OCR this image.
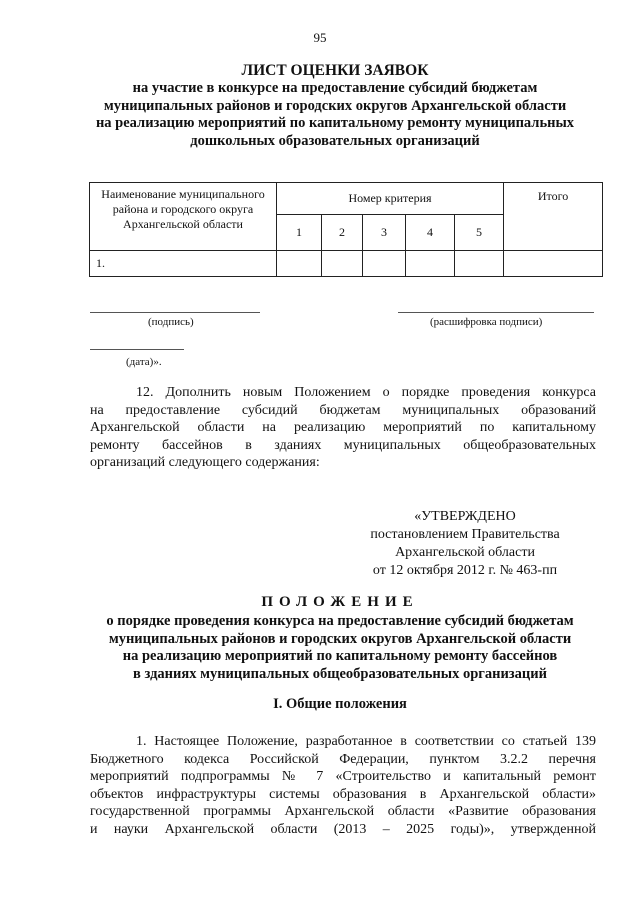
95
ЛИСТ ОЦЕНКИ ЗАЯВОК
на участие в конкурсе на предоставление субсидий бюджетам
муниципальных районов и городских округов Архангельской области
на реализацию мероприятий по капитальному ремонту муниципальных
дошкольных образовательных организаций
Наименование муниципального района и городского округа Архангельской области	Номер критерия					Итого
	1	2	3	4	5	
1.						
(подпись)	(расшифровка подписи)
(дата)».
12. Дополнить новым Положением о порядке проведения конкурса
на предоставление субсидий бюджетам муниципальных образований
Архангельской области на реализацию мероприятий по капитальному
ремонту бассейнов в зданиях муниципальных общеобразовательных
организаций следующего содержания:
«УТВЕРЖДЕНО
постановлением Правительства
Архангельской области
от 12 октября 2012 г. № 463-пп
ПОЛОЖЕНИЕ
о порядке проведения конкурса на предоставление субсидий бюджетам
муниципальных районов и городских округов Архангельской области
на реализацию мероприятий по капитальному ремонту бассейнов
в зданиях муниципальных общеобразовательных организаций
I. Общие положения
1. Настоящее Положение, разработанное в соответствии со статьей 139
Бюджетного кодекса Российской Федерации, пунктом 3.2.2 перечня
мероприятий подпрограммы № 7 «Строительство и капитальный ремонт
объектов инфраструктуры системы образования в Архангельской области»
государственной программы Архангельской области «Развитие образования
и науки Архангельской области (2013 – 2025 годы)», утвержденной
